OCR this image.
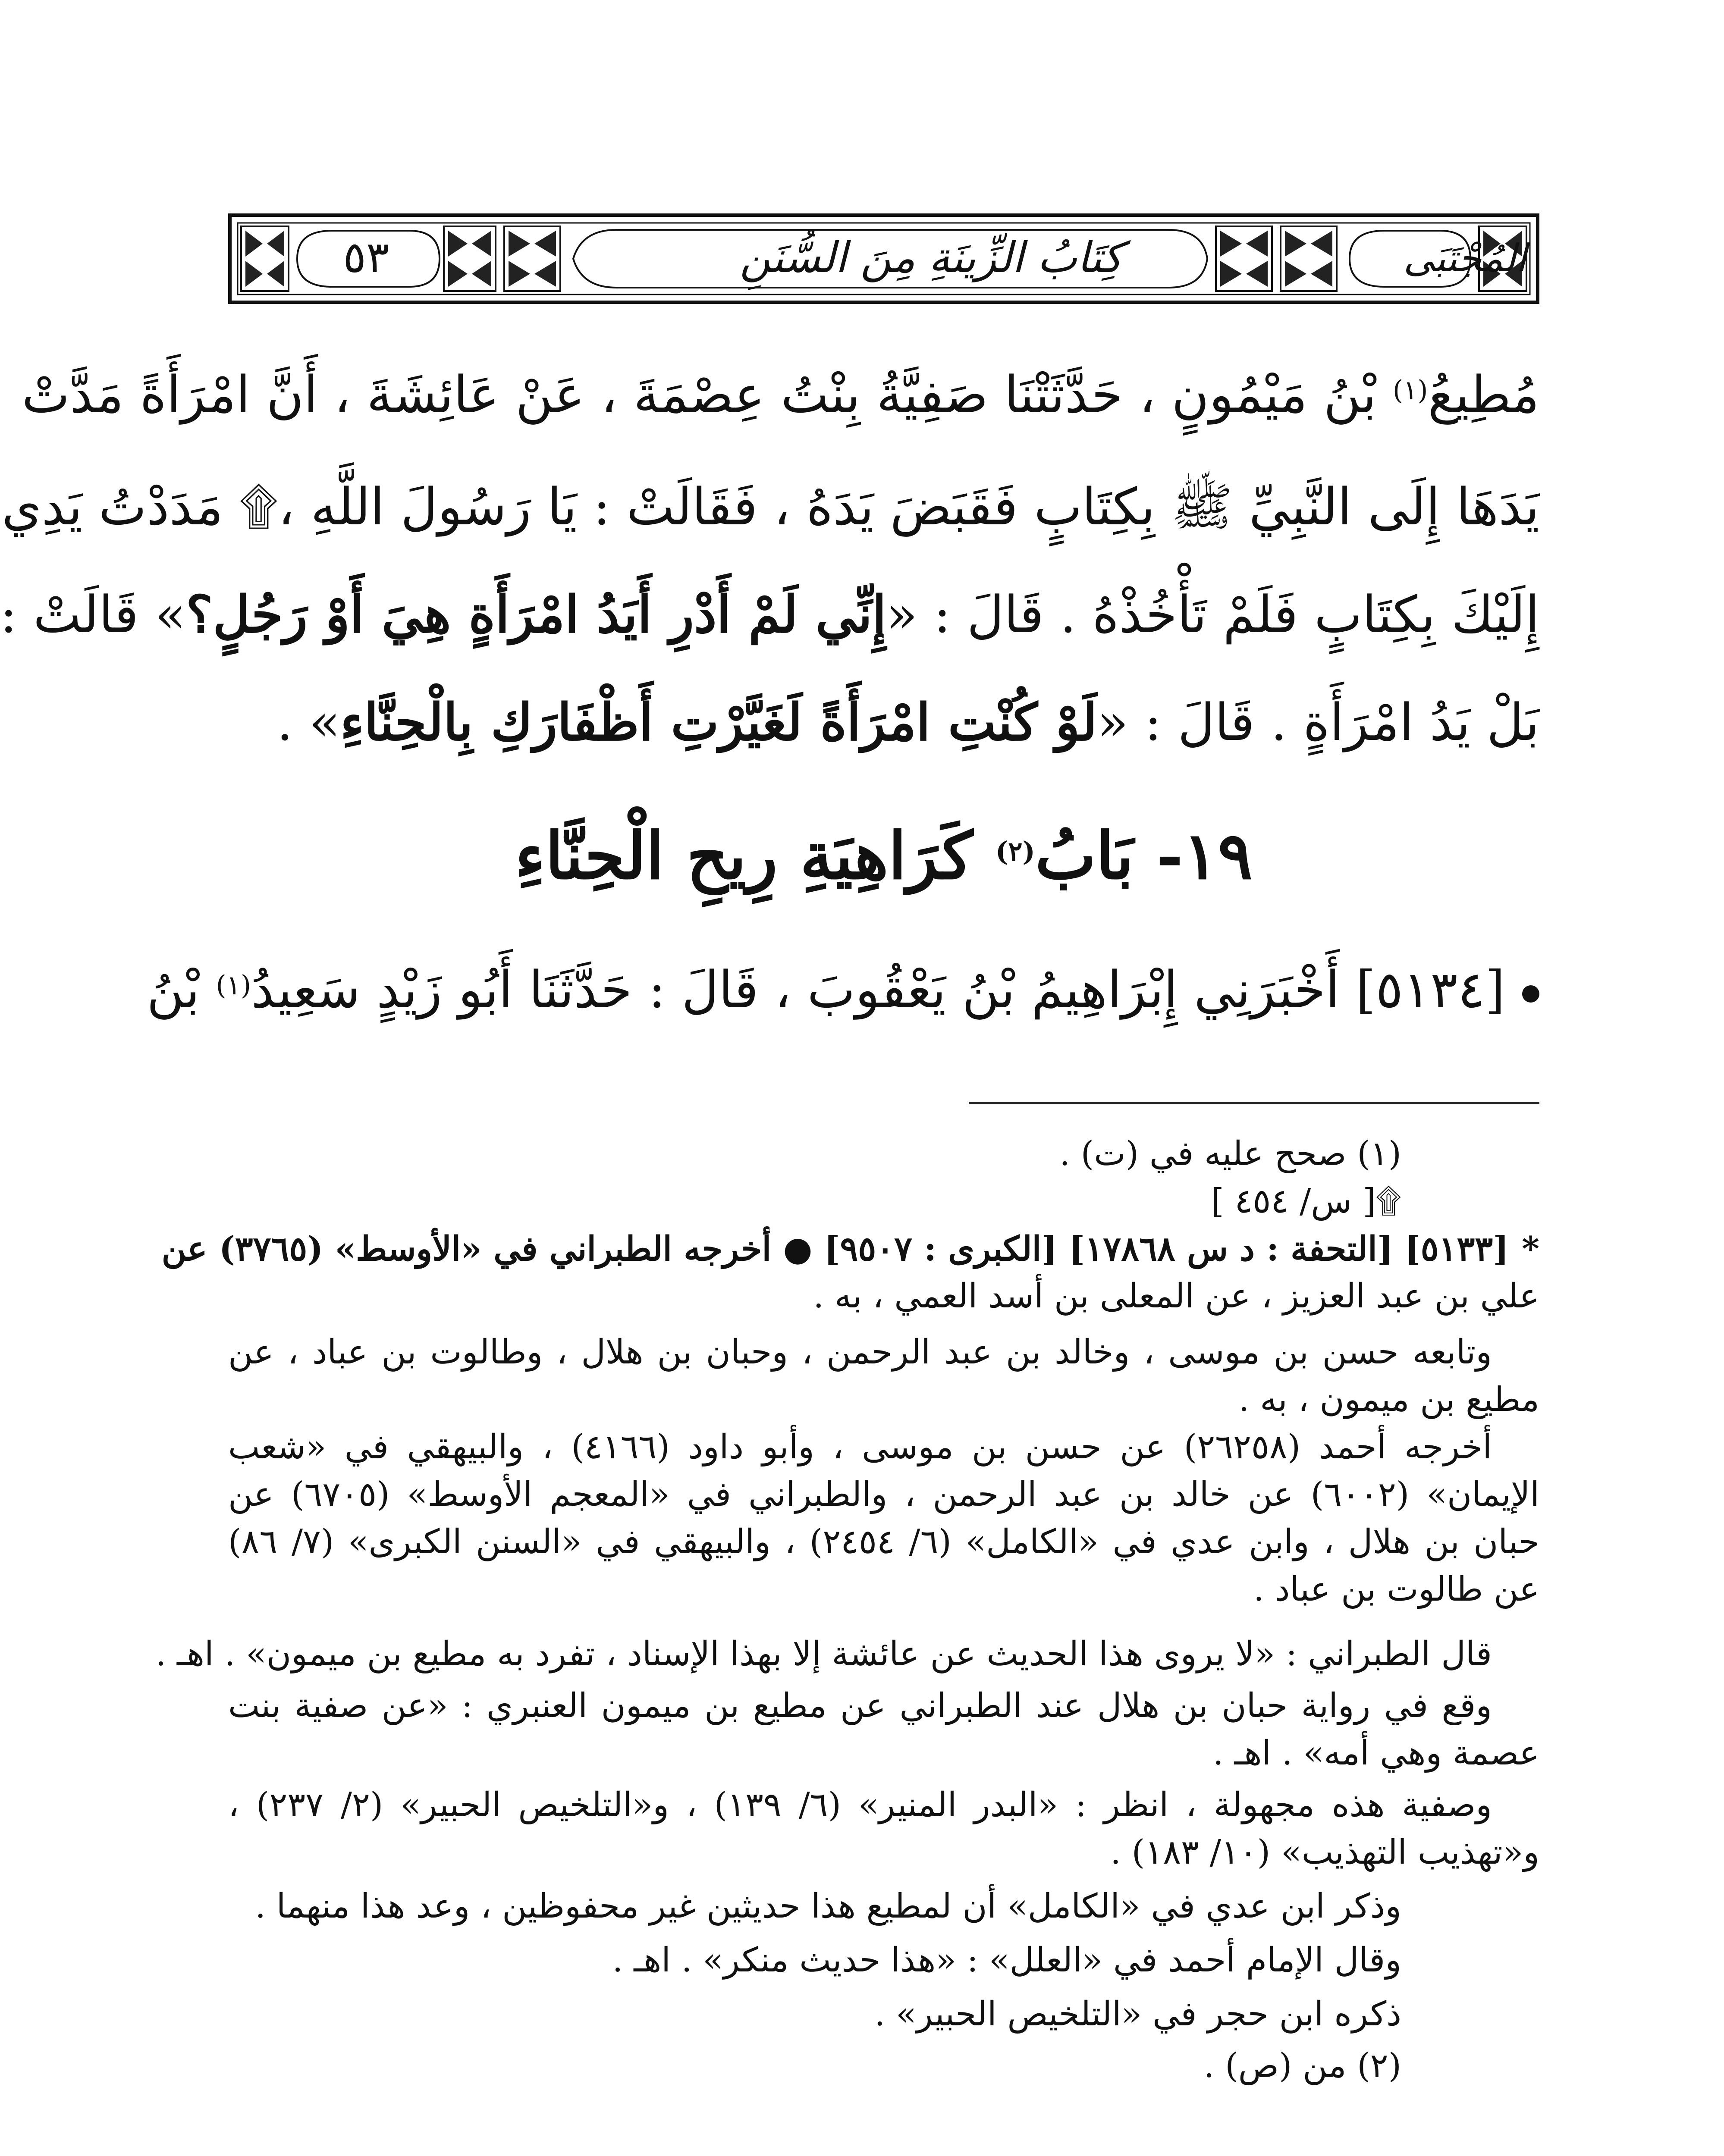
٥٣	كِتَابُ الزِّينَةِ مِنَ السُّنَنِ	المُجْتَبَى
مُطِيعُ$^{(١)}$ بْنُ مَيْمُونٍ ، حَدَّثَتْنَا صَفِيَّةُ بِنْتُ عِصْمَةَ ، عَنْ عَائِشَةَ ، أَنَّ امْرَأَةً مَدَّتْ
يَدَهَا إِلَى النَّبِيِّ ﷺ بِكِتَابٍ فَقَبَضَ يَدَهُ ، فَقَالَتْ : يَا رَسُولَ اللَّهِ ،۩ مَدَدْتُ يَدِي
إِلَيْكَ بِكِتَابٍ فَلَمْ تَأْخُذْهُ . قَالَ : «إِنِّي لَمْ أَدْرِ أَيَدُ امْرَأَةٍ هِيَ أَوْ رَجُلٍ؟» قَالَتْ :
بَلْ يَدُ امْرَأَةٍ . قَالَ : «لَوْ كُنْتِ امْرَأَةً لَغَيَّرْتِ أَظْفَارَكِ بِالْحِنَّاءِ» .
١٩- بَابُ$^{(٢)}$ كَرَاهِيَةِ رِيحِ الْحِنَّاءِ
[٥١٣٤] أَخْبَرَنِي إِبْرَاهِيمُ بْنُ يَعْقُوبَ ، قَالَ : حَدَّثَنَا أَبُو زَيْدٍ سَعِيدُ$^{(١)}$ بْنُ
(١) صحح عليه في (ت) .
۩[ س/ ٤٥٤ ]
*[٥١٣٣] [التحفة : د س ١٧٨٦٨] [الكبرى : ٩٥٠٧] ● أخرجه الطبراني في «الأوسط» (٣٧٦٥) عن
علي بن عبد العزيز ، عن المعلى بن أسد العمي ، به .
وتابعه حسن بن موسى ، وخالد بن عبد الرحمن ، وحبان بن هلال ، وطالوت بن عباد ، عن
مطيع بن ميمون ، به .
أخرجه أحمد (٢٦٢٥٨) عن حسن بن موسى ، وأبو داود (٤١٦٦) ، والبيهقي في «شعب
الإيمان» (٦٠٠٢) عن خالد بن عبد الرحمن ، والطبراني في «المعجم الأوسط» (٦٧٠٥) عن
حبان بن هلال ، وابن عدي في «الكامل» (٦/ ٢٤٥٤) ، والبيهقي في «السنن الكبرى» (٧/ ٨٦)
عن طالوت بن عباد .
قال الطبراني : «لا يروى هذا الحديث عن عائشة إلا بهذا الإسناد ، تفرد به مطيع بن ميمون» . اهـ .
وقع في رواية حبان بن هلال عند الطبراني عن مطيع بن ميمون العنبري : «عن صفية بنت
عصمة وهي أمه» . اهـ .
وصفية هذه مجهولة ، انظر : «البدر المنير» (٦/ ١٣٩) ، و«التلخيص الحبير» (٢/ ٢٣٧) ،
و«تهذيب التهذيب» (١٠/ ١٨٣) .
وذكر ابن عدي في «الكامل» أن لمطيع هذا حديثين غير محفوظين ، وعد هذا منهما .
وقال الإمام أحمد في «العلل» : «هذا حديث منكر» . اهـ .
ذكره ابن حجر في «التلخيص الحبير» .
(٢) من (ص) .
